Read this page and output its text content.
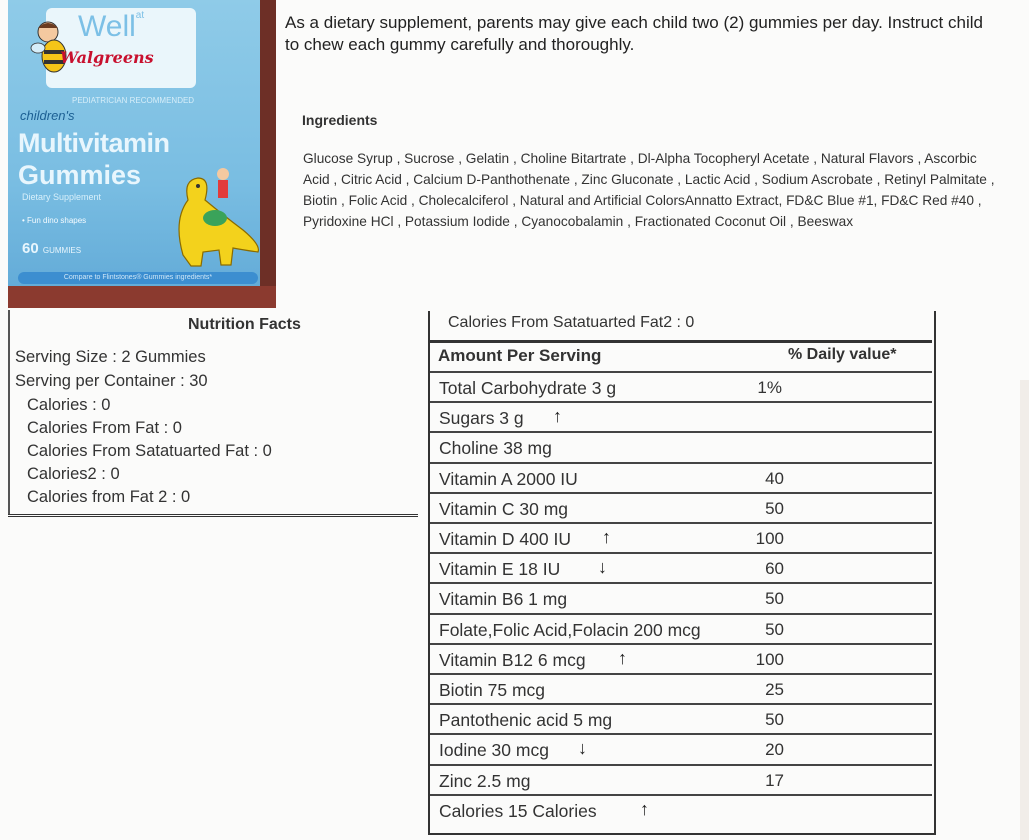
Well$^{at}$
Walgreens
PEDIATRICIAN RECOMMENDED
children's
Multivitamin
Gummies
Dietary Supplement
• Fun dino shapes
60 GUMMIES
Compare to Flintstones® Gummies ingredients*
As a dietary supplement, parents may give each child two (2) gummies per day. Instruct child to chew each gummy carefully and thoroughly.
Ingredients
Glucose Syrup , Sucrose , Gelatin , Choline Bitartrate , Dl-Alpha Tocopheryl Acetate , Natural Flavors , Ascorbic Acid , Citric Acid , Calcium D-Panthothenate , Zinc Gluconate , Lactic Acid , Sodium Ascrobate , Retinyl Palmitate , Biotin , Folic Acid , Cholecalciferol , Natural and Artificial ColorsAnnatto Extract, FD&C Blue #1, FD&C Red #40 , Pyridoxine HCl , Potassium Iodide , Cyanocobalamin , Fractionated Coconut Oil , Beeswax
Nutrition Facts
Serving Size : 2 Gummies
Serving per Container : 30
Calories : 0
Calories From Fat : 0
Calories From Satatuarted Fat : 0
Calories2 : 0
Calories from Fat 2 : 0
Calories From Satatuarted Fat2 : 0
Amount Per Serving	% Daily value*
Total Carbohydrate 3 g	1%
Sugars 3 g ↑
Choline 38 mg
Vitamin A 2000 IU	40
Vitamin C 30 mg	50
Vitamin D 400 IU	100
↑
Vitamin E 18 IU	60
↓
Vitamin B6 1 mg	50
Folate,Folic Acid,Folacin 200 mcg	50
Vitamin B12 6 mcg	100
↑
Biotin 75 mcg	25
Pantothenic acid 5 mg	50
Iodine 30 mcg	20
↓
Zinc 2.5 mg	17
Calories 15 Calories ↑
